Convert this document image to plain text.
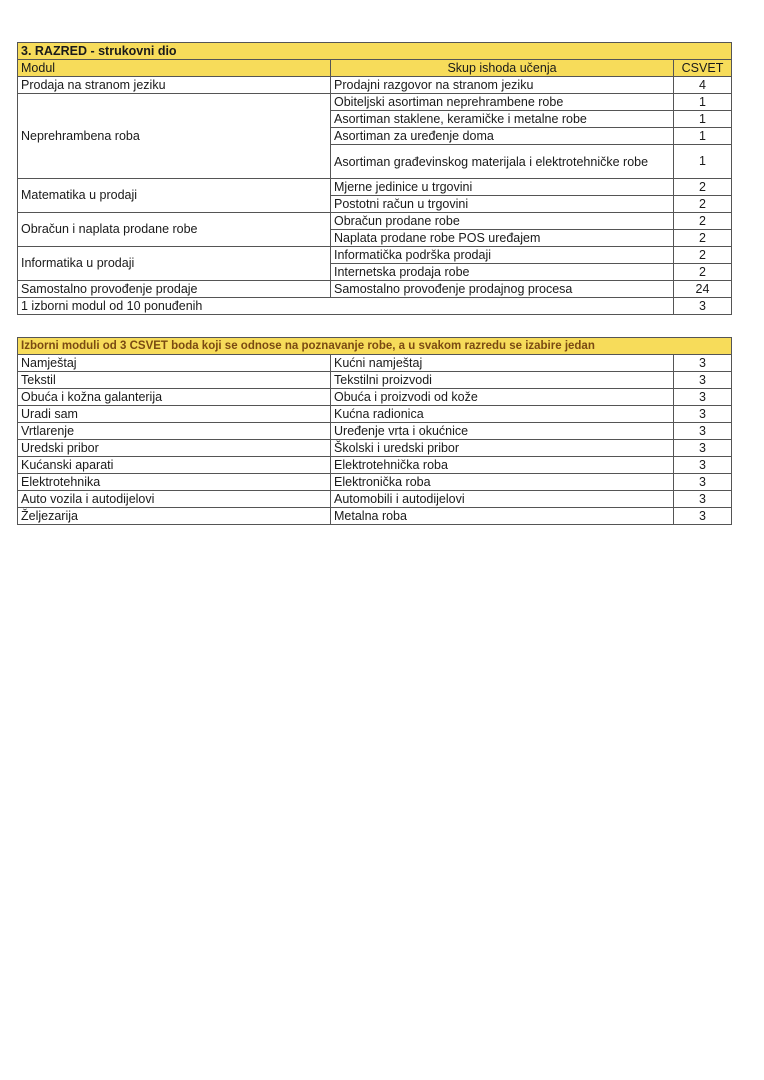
3. RAZRED - strukovni dio		
Modul	Skup ishoda učenja	CSVET
Prodaja na stranom jeziku	Prodajni razgovor na stranom jeziku	4
Neprehrambena roba	Obiteljski asortiman neprehrambene robe	1
	Asortiman staklene, keramičke i metalne robe	1
	Asortiman za uređenje doma	1
	Asortiman građevinskog materijala i elektrotehničke robe	1
Matematika u prodaji	Mjerne jedinice u trgovini	2
	Postotni račun u trgovini	2
Obračun i naplata prodane robe	Obračun prodane robe	2
	Naplata prodane robe POS uređajem	2
Informatika u prodaji	Informatička podrška prodaji	2
	Internetska prodaja robe	2
Samostalno provođenje prodaje	Samostalno provođenje prodajnog procesa	24
1 izborni modul od 10 ponuđenih		3
Izborni moduli od 3 CSVET boda koji se odnose na poznavanje robe, a u svakom razredu se izabire jedan		
Namještaj	Kućni namještaj	3
Tekstil	Tekstilni proizvodi	3
Obuća i kožna galanterija	Obuća i proizvodi od kože	3
Uradi sam	Kućna radionica	3
Vrtlarenje	Uređenje vrta i okućnice	3
Uredski pribor	Školski i uredski pribor	3
Kućanski aparati	Elektrotehnička roba	3
Elektrotehnika	Elektronička roba	3
Auto vozila i autodijelovi	Automobili i autodijelovi	3
Željezarija	Metalna roba	3
